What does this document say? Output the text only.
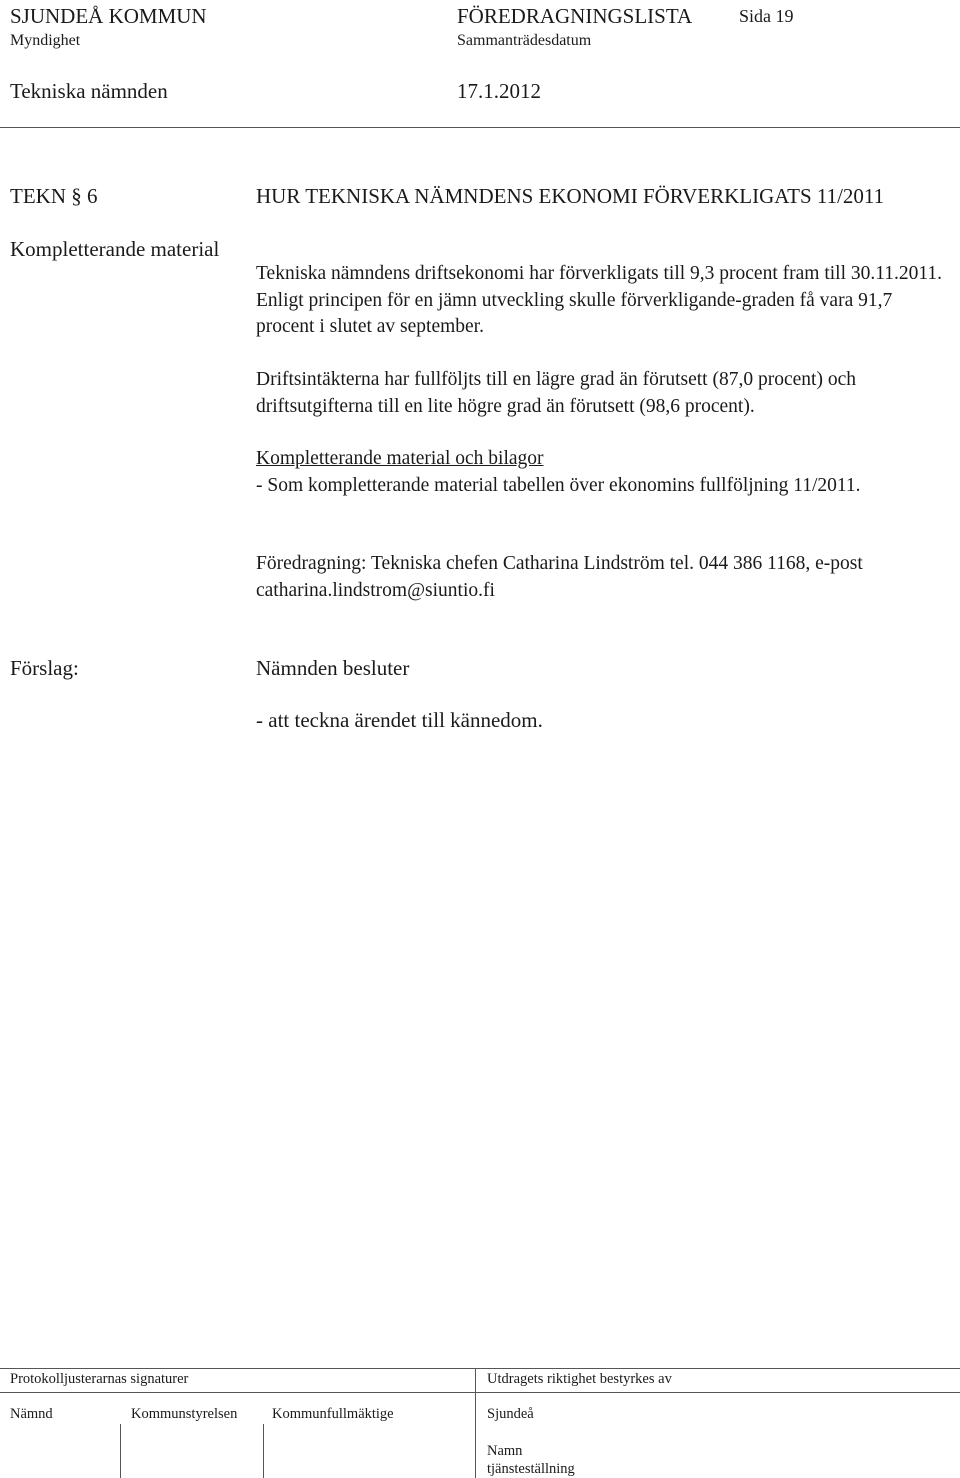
SJUNDEÅ KOMMUN	FÖREDRAGNINGSLISTA	Sida 19
Myndighet	Sammanträdesdatum
Tekniska nämnden	17.1.2012
TEKN § 6	HUR TEKNISKA NÄMNDENS EKONOMI FÖRVERKLIGATS 11/2011
Kompletterande material
Tekniska nämndens driftsekonomi har förverkligats till 9,3 procent fram till 30.11.2011. Enligt principen för en jämn utveckling skulle förverkligande-graden få vara 91,7 procent i slutet av september.
Driftsintäkterna har fullföljts till en lägre grad än förutsett (87,0 procent) och driftsutgifterna till en lite högre grad än förutsett (98,6 procent).
Kompletterande material och bilagor
- Som kompletterande material tabellen över ekonomins fullföljning 11/2011.
Föredragning: Tekniska chefen Catharina Lindström tel. 044 386 1168, e-post catharina.lindstrom@siuntio.fi
Förslag:	Nämnden besluter
- att teckna ärendet till kännedom.
Protokolljusterarnas signaturer	Utdragets riktighet bestyrkes av
Nämnd	Kommunstyrelsen Kommunfullmäktige	Sjundeå
Namn
tjänsteställning
